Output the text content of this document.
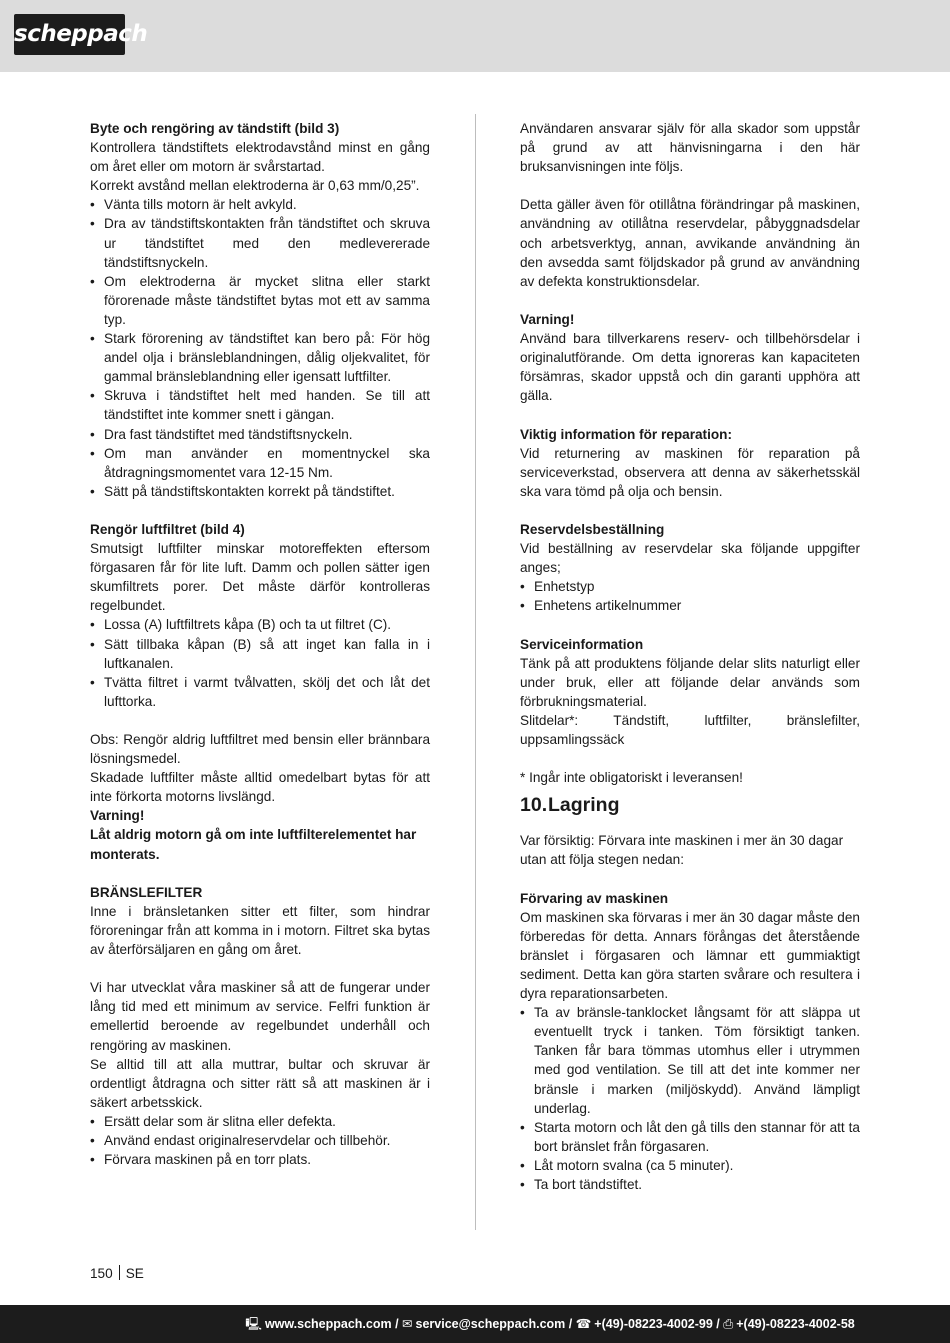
scheppach

Byte och rengöring av tändstift (bild 3)

Kontrollera tändstiftets elektrodavstånd minst en gång om året eller om motorn är svårstartad.

Korrekt avstånd mellan elektroderna är 0,63 mm/0,25”.

• Vänta tills motorn är helt avkyld.
• Dra av tändstiftskontakten från tändstiftet och skruva ur tändstiftet med den medlevererade tändstiftsnyckeln.
• Om elektroderna är mycket slitna eller starkt förorenade måste tändstiftet bytas mot ett av samma typ.
• Stark förorening av tändstiftet kan bero på: För hög andel olja i bränsleblandningen, dålig oljekvalitet, för gammal bränsleblandning eller igensatt luftfilter.
• Skruva i tändstiftet helt med handen. Se till att tändstiftet inte kommer snett i gängan.
• Dra fast tändstiftet med tändstiftsnyckeln.
• Om man använder en momentnyckel ska åtdragningsmomentet vara 12-15 Nm.
• Sätt på tändstiftskontakten korrekt på tändstiftet.

Rengör luftfiltret (bild 4)

Smutsigt luftfilter minskar motoreffekten eftersom förgasaren får för lite luft. Damm och pollen sätter igen skumfiltrets porer. Det måste därför kontrolleras regelbundet.

• Lossa (A) luftfiltrets kåpa (B) och ta ut filtret (C).
• Sätt tillbaka kåpan (B) så att inget kan falla in i luftkanalen.
• Tvätta filtret i varmt tvålvatten, skölj det och låt det lufttorka.

Obs: Rengör aldrig luftfiltret med bensin eller brännbara lösningsmedel.

Skadade luftfilter måste alltid omedelbart bytas för att inte förkorta motorns livslängd.

Varning!

Låt aldrig motorn gå om inte luftfilterelementet har monterats.

BRÄNSLEFILTER

Inne i bränsletanken sitter ett filter, som hindrar föroreningar från att komma in i motorn. Filtret ska bytas av återförsäljaren en gång om året.

Vi har utvecklat våra maskiner så att de fungerar under lång tid med ett minimum av service. Felfri funktion är emellertid beroende av regelbundet underhåll och rengöring av maskinen.

Se alltid till att alla muttrar, bultar och skruvar är ordentligt åtdragna och sitter rätt så att maskinen är i säkert arbetsskick.

• Ersätt delar som är slitna eller defekta.
• Använd endast originalreservdelar och tillbehör.
• Förvara maskinen på en torr plats.

Användaren ansvarar själv för alla skador som uppstår på grund av att hänvisningarna i den här bruksanvisningen inte följs.

Detta gäller även för otillåtna förändringar på maskinen, användning av otillåtna reservdelar, påbyggnadsdelar och arbetsverktyg, annan, avvikande användning än den avsedda samt följdskador på grund av användning av defekta konstruktionsdelar.

Varning!

Använd bara tillverkarens reserv- och tillbehörsdelar i originalutförande. Om detta ignoreras kan kapaciteten försämras, skador uppstå och din garanti upphöra att gälla.

Viktig information för reparation:

Vid returnering av maskinen för reparation på serviceverkstad, observera att denna av säkerhetsskäl ska vara tömd på olja och bensin.

Reservdelsbeställning

Vid beställning av reservdelar ska följande uppgifter anges;

• Enhetstyp
• Enhetens artikelnummer

Serviceinformation

Tänk på att produktens följande delar slits naturligt eller under bruk, eller att följande delar används som förbrukningsmaterial.

Slitdelar*: Tändstift, luftfilter, bränslefilter, uppsamlingssäck

* Ingår inte obligatoriskt i leveransen!

10.Lagring

Var försiktig: Förvara inte maskinen i mer än 30 dagar utan att följa stegen nedan:

Förvaring av maskinen

Om maskinen ska förvaras i mer än 30 dagar måste den förberedas för detta. Annars förångas det återstående bränslet i förgasaren och lämnar ett gummiaktigt sediment. Detta kan göra starten svårare och resultera i dyra reparationsarbeten.

• Ta av bränsle-tanklocket långsamt för att släppa ut eventuellt tryck i tanken. Töm försiktigt tanken. Tanken får bara tömmas utomhus eller i utrymmen med god ventilation. Se till att det inte kommer ner bränsle i marken (miljöskydd). Använd lämpligt underlag.
• Starta motorn och låt den gå tills den stannar för att ta bort bränslet från förgasaren.
• Låt motorn svalna (ca 5 minuter).
• Ta bort tändstiftet.
150 SE
🖳 www.scheppach.com / ✉ service@scheppach.com / ☎ +(49)-08223-4002-99 / ⎙ +(49)-08223-4002-58
